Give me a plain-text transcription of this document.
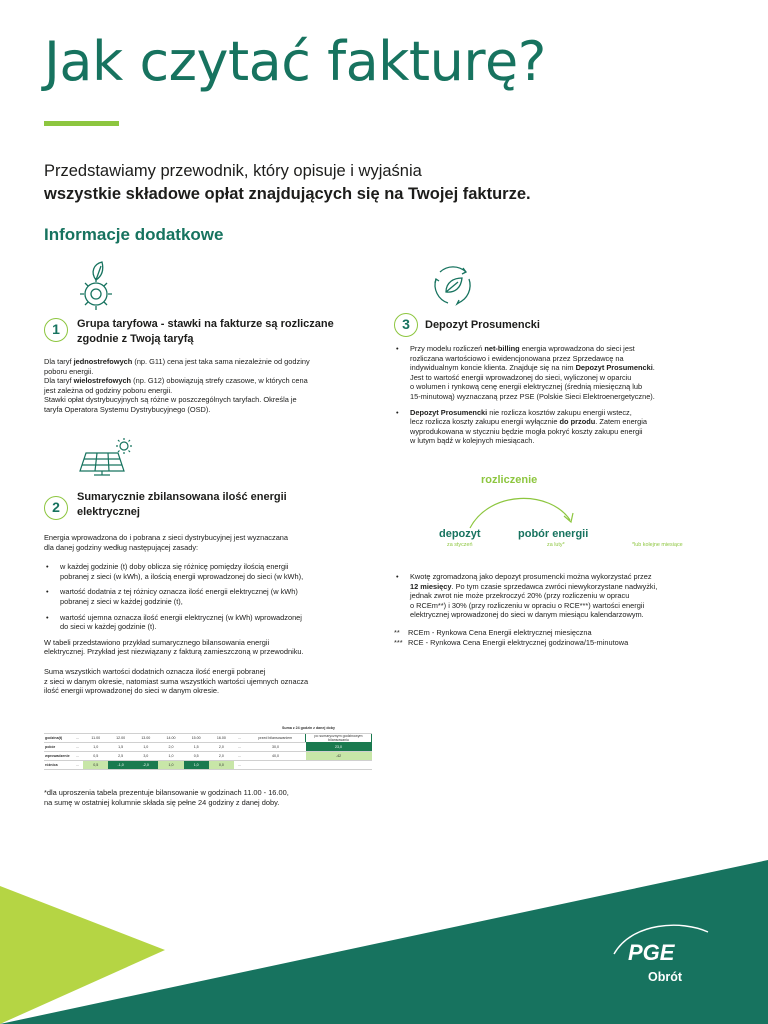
Jak czytać fakturę?
Przedstawiamy przewodnik, który opisuje i wyjaśnia
wszystkie składowe opłat znajdujących się na Twojej fakturze.
Informacje dodatkowe
1	Grupa taryfowa - stawki na fakturze są rozliczane
zgodnie z Twoją taryfą

Dla taryf jednostrefowych (np. G11) cena jest taka sama niezależnie od godziny

poboru energii.

Dla taryf wielostrefowych (np. G12) obowiązują strefy czasowe, w których cena

jest zależna od godziny poboru energii.

Stawki opłat dystrybucyjnych są różne w poszczególnych taryfach. Określa je

taryfa Operatora Systemu Dystrybucyjnego (OSD).

2
Sumarycznie zbilansowana ilość energii
elektrycznej

Energia wprowadzona do i pobrana z sieci dystrybucyjnej jest wyznaczana

dla danej godziny według następującej zasady:

• w każdej godzinie (t) doby oblicza się różnicę pomiędzy ilością energii
pobranej z sieci (w kWh), a ilością energii wprowadzonej do sieci (w kWh),
• wartość dodatnia z tej różnicy oznacza ilość energii elektrycznej (w kWh)
pobranej z sieci w każdej godzinie (t),
• wartość ujemna oznacza ilość energii elektrycznej (w kWh) wprowadzonej
do sieci w każdej godzinie (t).

W tabeli przedstawiono przykład sumarycznego bilansowania energii

elektrycznej. Przykład jest niezwiązany z fakturą zamieszczoną w przewodniku.

Suma wszystkich wartości dodatnich oznacza ilość energii pobranej

z sieci w danym okresie, natomiast suma wszystkich wartości ujemnych oznacza

ilość energii wprowadzonej do sieci w danym okresie.

									Suma z 24 godzin z danej doby	
godzina(t)	...	11.00	12.00	13.00	14.00	15.00	16.00	...	przed bilansowaniem	po sumarycznym godzinowym bilansowaniu
pobór	...	1,0	1,5	1,0	2,0	1,5	2,0	...	30,0	23,0
wprowadzenie	...	0,5	2,5	3,0	1,0	0,5	2,0	...	40,0	-42
różnica	...	0,5	-1,0	-2,0	1,0	1,0	0,0	...		

*dla uproszenia tabela prezentuje bilansowanie w godzinach 11.00 - 16.00,

na sumę w ostatniej kolumnie składa się pełne 24 godziny z danej doby.

3	Depozyt Prosumencki
• Przy modelu rozliczeń net-billing energia wprowadzona do sieci jest
rozliczana wartościowo i ewidencjonowana przez Sprzedawcę na
indywidualnym koncie klienta. Znajduje się na nim Depozyt Prosumencki.
Jest to wartość energii wprowadzonej do sieci, wyliczonej w oparciu
o wolumen i rynkową cenę energii elektrycznej (średnią miesięczną lub
15-minutową) wyznaczaną przez PSE (Polskie Sieci Elektroenergetyczne).
• Depozyt Prosumencki nie rozlicza kosztów zakupu energii wstecz,
lecz rozlicza koszty zakupu energii wyłącznie do przodu. Zatem energia
wyprodukowana w styczniu będzie mogła pokryć koszty zakupu energii
w lutym bądź w kolejnych miesiącach.
rozliczenie
depozyt
za styczeń
pobór energii
za luty*	*lub kolejne miesiące
• Kwotę zgromadzoną jako depozyt prosumencki można wykorzystać przez
12 miesięcy. Po tym czasie sprzedawca zwróci niewykorzystane nadwyżki,
jednak zwrot nie może przekroczyć 20% (przy rozliczeniu w opracu
o RCEm**) i 30% (przy rozliczeniu w opraciu o RCE***) wartości energii
elektrycznej wprowadzonej do sieci w danym miesiącu kalendarzowym.
** RCEm - Rynkowa Cena Energii elektrycznej miesięczna
*** RCE - Rynkowa Cena Energii elektrycznej godzinowa/15-minutowa
PGE
Obrót
